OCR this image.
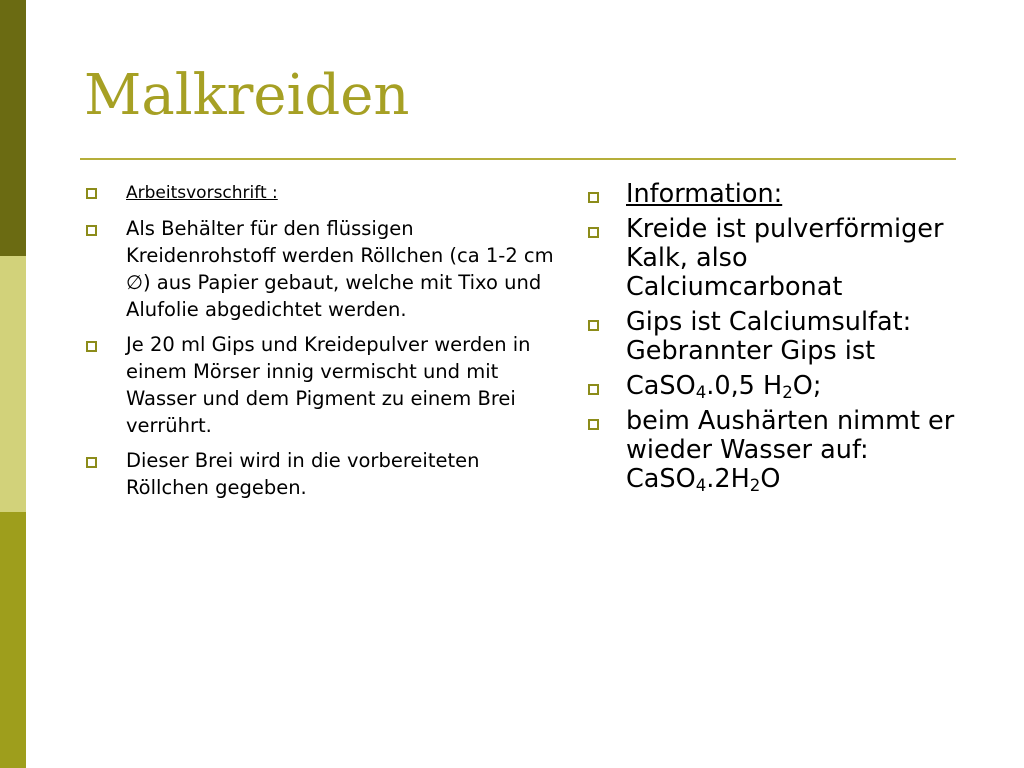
Malkreiden
Arbeitsvorschrift :
Als Behälter für den flüssigen Kreidenrohstoff werden Röllchen (ca 1-2 cm ∅) aus Papier gebaut, welche mit Tixo und Alufolie abgedichtet werden.
Je 20 ml Gips und Kreidepulver werden in einem Mörser innig vermischt und mit Wasser und dem Pigment zu einem Brei verrührt.
Dieser Brei wird in die vorbereiteten Röllchen gegeben.
Information:
Kreide ist pulverförmiger Kalk, also Calciumcarbonat
Gips ist Calciumsulfat: Gebrannter Gips ist
CaSO$_4$.0,5 $H_2O$;
beim Aushärten nimmt er wieder Wasser auf:
$CaSO_4.2H_2O$
